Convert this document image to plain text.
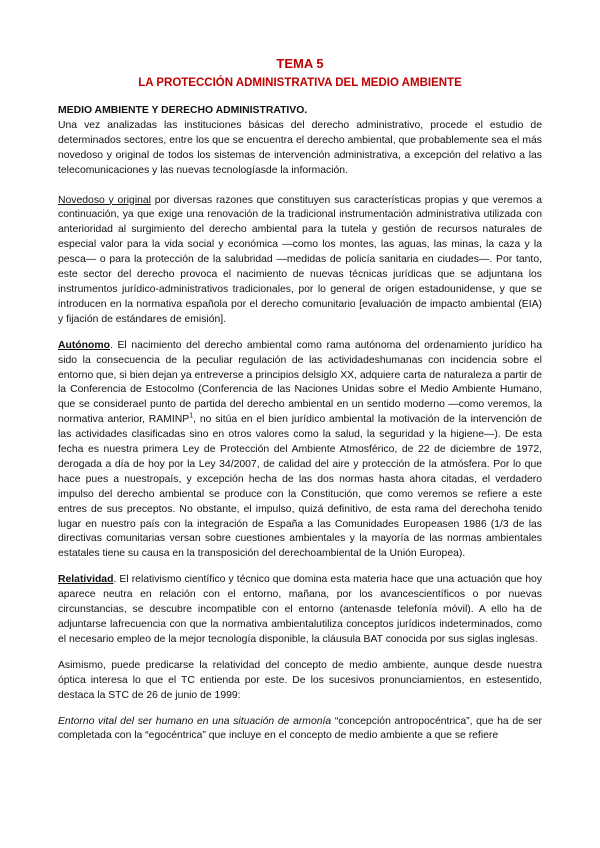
TEMA 5
LA PROTECCIÓN ADMINISTRATIVA DEL MEDIO AMBIENTE
MEDIO AMBIENTE Y DERECHO ADMINISTRATIVO.

Una vez analizadas las instituciones básicas del derecho administrativo, procede el estudio de determinados sectores, entre los que se encuentra el derecho ambiental, que probablemente sea el más novedoso y original de todos los sistemas de intervención administrativa, a excepción del relativo a las telecomunicaciones y las nuevas tecnologíasde la información.

Novedoso y original por diversas razones que constituyen sus características propias y que veremos a continuación, ya que exige una renovación de la tradicional instrumentación administrativa utilizada con anterioridad al surgimiento del derecho ambiental para la tutela y gestión de recursos naturales de especial valor para la vida social y económica —como los montes, las aguas, las minas, la caza y la pesca— o para la protección de la salubridad —medidas de policía sanitaria en ciudades—. Por tanto, este sector del derecho provoca el nacimiento de nuevas técnicas jurídicas que se adjuntana los instrumentos jurídico-administrativos tradicionales, por lo general de origen estadounidense, y que se introducen en la normativa española por el derecho comunitario [evaluación de impacto ambiental (EIA) y fijación de estándares de emisión].

Autónomo. El nacimiento del derecho ambiental como rama autónoma del ordenamiento jurídico ha sido la consecuencia de la peculiar regulación de las actividadeshumanas con incidencia sobre el entorno que, si bien dejan ya entreverse a principios delsiglo XX, adquiere carta de naturaleza a partir de la Conferencia de Estocolmo (Conferencia de las Naciones Unidas sobre el Medio Ambiente Humano, que se considerael punto de partida del derecho ambiental en un sentido moderno —como veremos, la normativa anterior, RAMINP$^1$, no sitúa en el bien jurídico ambiental la motivación de la intervención de las actividades clasificadas sino en otros valores como la salud, la seguridad y la higiene—). De esta fecha es nuestra primera Ley de Protección del Ambiente Atmosférico, de 22 de diciembre de 1972, derogada a día de hoy por la Ley 34/2007, de calidad del aire y protección de la atmósfera. Por lo que hace pues a nuestropaís, y excepción hecha de las dos normas hasta ahora citadas, el verdadero impulso del derecho ambiental se produce con la Constitución, que como veremos se refiere a este entres de sus preceptos. No obstante, el impulso, quizá definitivo, de esta rama del derechoha tenido lugar en nuestro país con la integración de España a las Comunidades Europeasen 1986 (1/3 de las directivas comunitarias versan sobre cuestiones ambientales y la mayoría de las normas ambientales estatales tiene su causa en la transposición del derechoambiental de la Unión Europea).

Relatividad. El relativismo científico y técnico que domina esta materia hace que una actuación que hoy aparece neutra en relación con el entorno, mañana, por los avancescientíficos o por nuevas circunstancias, se descubre incompatible con el entorno (antenasde telefonía móvil). A ello ha de adjuntarse lafrecuencia con que la normativa ambientalutiliza conceptos jurídicos indeterminados, como el necesario empleo de la mejor tecnología disponible, la cláusula BAT conocida por sus siglas inglesas.

Asimismo, puede predicarse la relatividad del concepto de medio ambiente, aunque desde nuestra óptica interesa lo que el TC entienda por este. De los sucesivos pronunciamientos, en estesentido, destaca la STC de 26 de junio de 1999:

Entorno vital del ser humano en una situación de armonía “concepción antropocéntrica”, que ha de ser completada con la “egocéntrica” que incluye en el concepto de medio ambiente a que se refiere
